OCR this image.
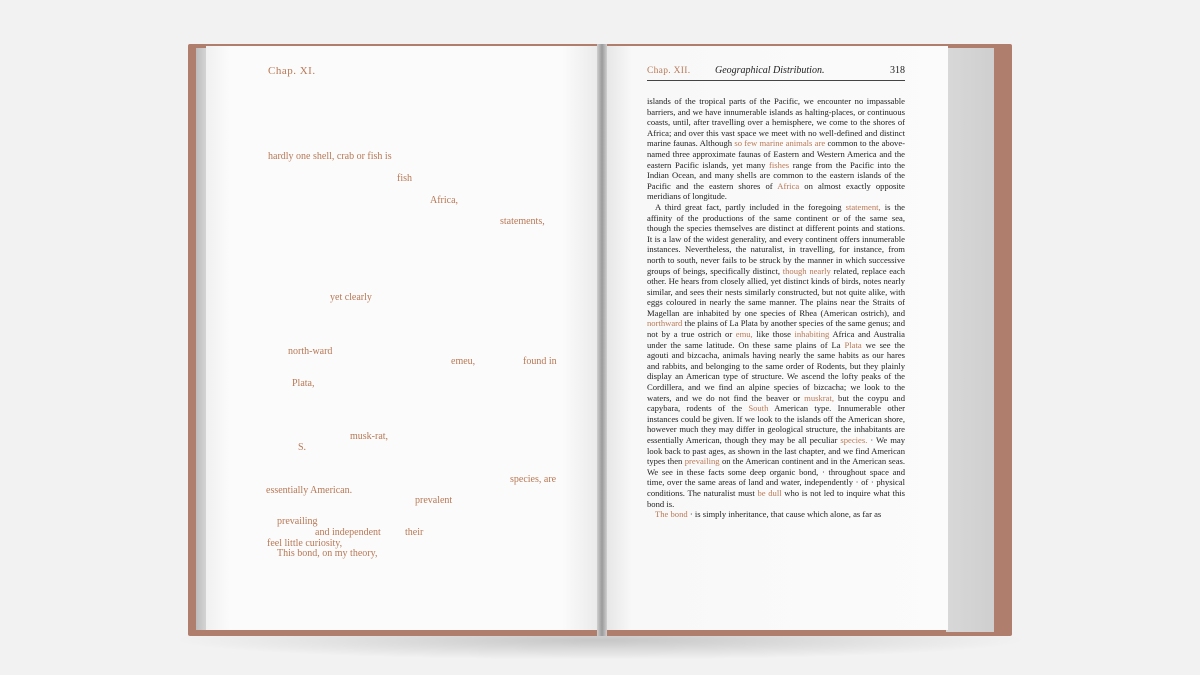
Chap. XI.
hardly one shell, crab or fish is
fish
Africa,
statements,
yet clearly
north-ward
emeu,	found in
Plata,
musk-rat,
S.
species, are
essentially American.
prevalent
prevailing
and independent their
feel little curiosity,
This bond, on my theory,
Chap. XII. Geographical Distribution.	318

islands of the tropical parts of the Pacific, we encounter no impassable barriers, and we have innumerable islands as halting-places, or continuous coasts, until, after travelling over a hemisphere, we come to the shores of Africa; and over this vast space we meet with no well-defined and distinct marine faunas. Although so few marine animals are common to the above-named three approximate faunas of Eastern and Western America and the eastern Pacific islands, yet many fishes range from the Pacific into the Indian Ocean, and many shells are common to the eastern islands of the Pacific and the eastern shores of Africa on almost exactly opposite meridians of longitude.

A third great fact, partly included in the foregoing statement, is the affinity of the productions of the same continent or of the same sea, though the species themselves are distinct at different points and stations. It is a law of the widest generality, and every continent offers innumerable instances. Nevertheless, the naturalist, in travelling, for instance, from north to south, never fails to be struck by the manner in which successive groups of beings, specifically distinct, though nearly related, replace each other. He hears from closely allied, yet distinct kinds of birds, notes nearly similar, and sees their nests similarly constructed, but not quite alike, with eggs coloured in nearly the same manner. The plains near the Straits of Magellan are inhabited by one species of Rhea (American ostrich), and northward the plains of La Plata by another species of the same genus; and not by a true ostrich or emu, like those inhabiting Africa and Australia under the same latitude. On these same plains of La Plata we see the agouti and bizcacha, animals having nearly the same habits as our hares and rabbits, and belonging to the same order of Rodents, but they plainly display an American type of structure. We ascend the lofty peaks of the Cordillera, and we find an alpine species of bizcacha; we look to the waters, and we do not find the beaver or muskrat, but the coypu and capybara, rodents of the South American type. Innumerable other instances could be given. If we look to the islands off the American shore, however much they may differ in geological structure, the inhabitants are essentially American, though they may be all peculiar species. · We may look back to past ages, as shown in the last chapter, and we find American types then prevailing on the American continent and in the American seas. We see in these facts some deep organic bond, · throughout space and time, over the same areas of land and water, independently · of · physical conditions. The naturalist must be dull who is not led to inquire what this bond is.

The bond · is simply inheritance, that cause which alone, as far as
